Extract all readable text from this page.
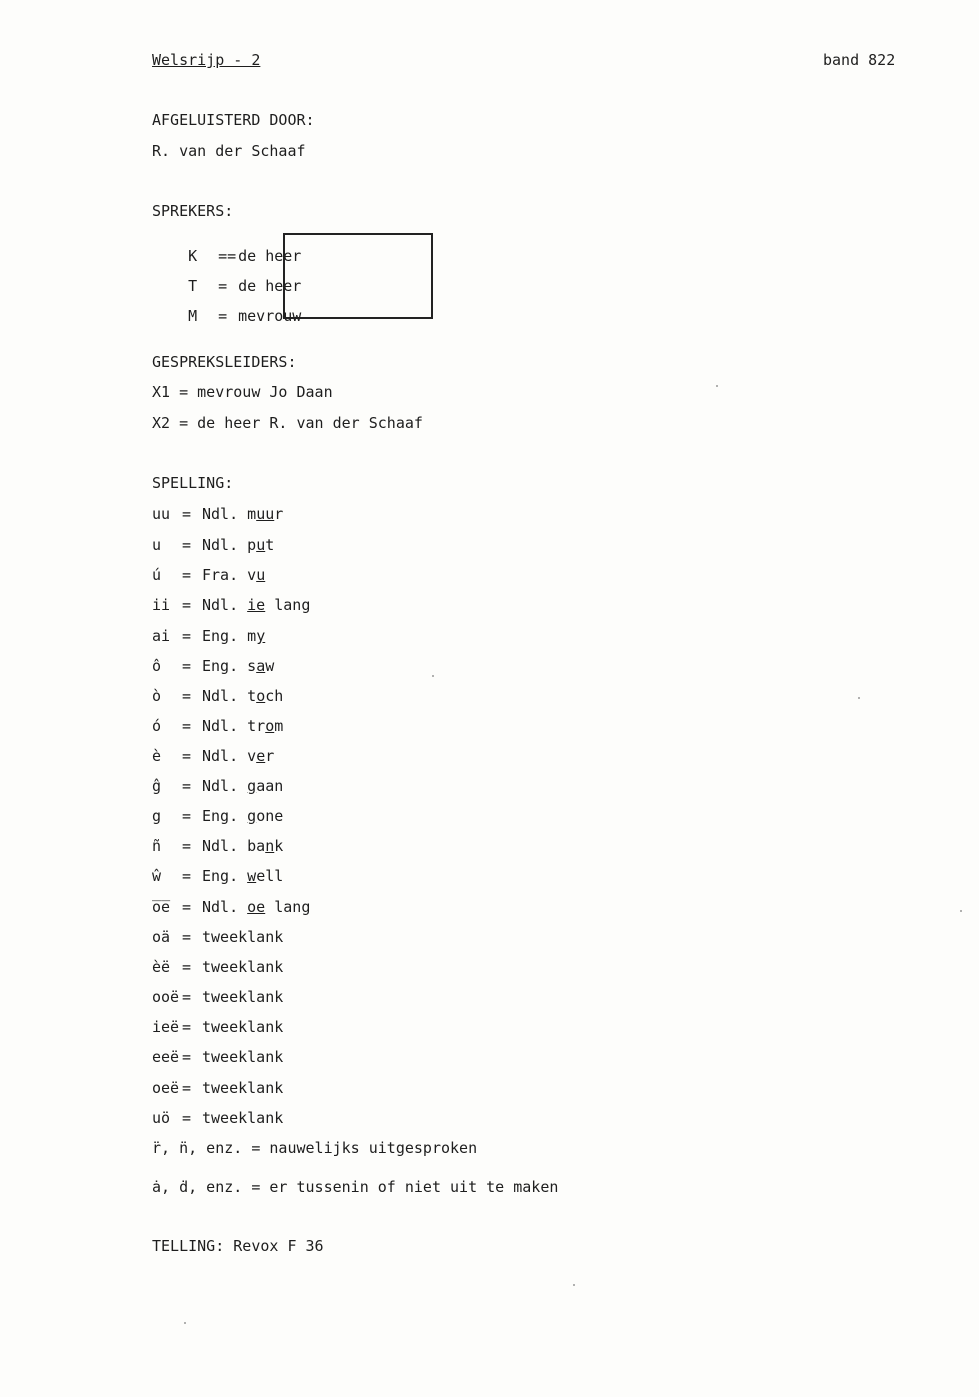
Welsrijp - 2	band 822
AFGELUISTERD DOOR:
R. van der Schaaf
SPREKERS:

K == de heer

T = de heer

M = mevrouw

GESPREKSLEIDERS:
X1 = mevrouw Jo Daan
X2 = de heer R. van der Schaaf
SPELLING:
uu = Ndl. muur
u = Ndl. put
ú = Fra. vu
ii = Ndl. ie lang
ai = Eng. my
ô = Eng. saw
ò = Ndl. toch
ó = Ndl. trom
è = Ndl. ver
ĝ = Ndl. gaan
g = Eng. gone
ñ = Ndl. bank
ŵ = Eng. well
o̅e̅ = Ndl. oe lang
oä = tweeklank
èë = tweeklank
ooë = tweeklank
ieë = tweeklank
eeë = tweeklank
oeë = tweeklank
uö = tweeklank
r̈, n̈, enz. = nauwelijks uitgesproken
ȧ, ḋ, enz. = er tussenin of niet uit te maken
TELLING: Revox F 36
